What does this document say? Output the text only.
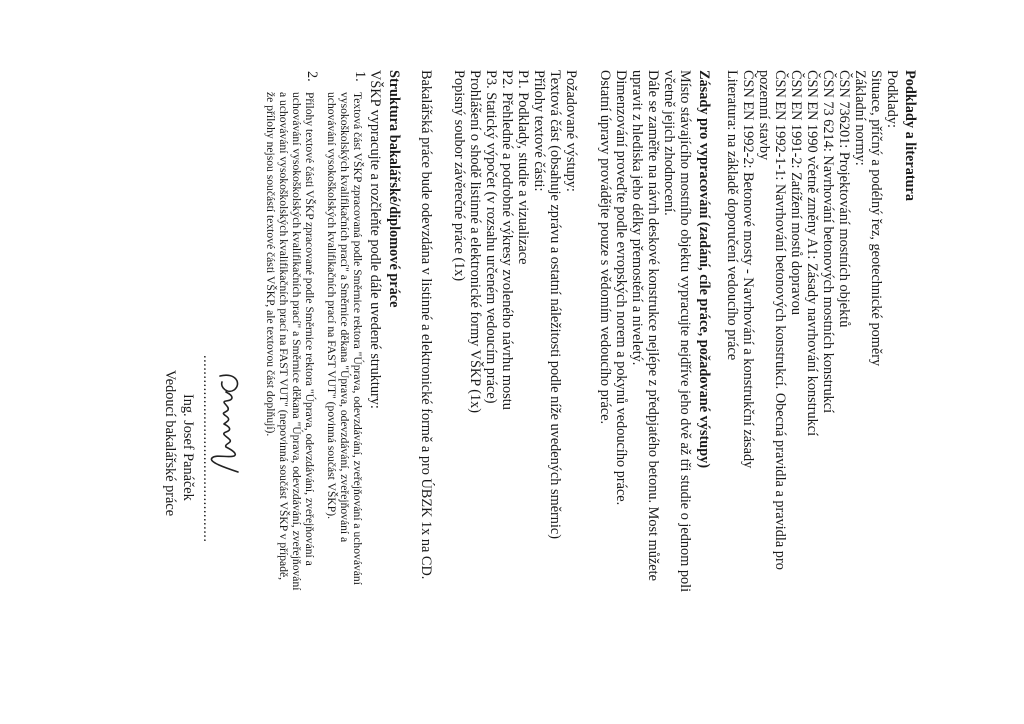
Podklady a literatura
Podklady:
Situace, příčný a podélný řez, geotechnické poměry
Základní normy:
ČSN 736201: Projektování mostních objektů
ČSN 73 6214: Navrhování betonových mostních konstrukcí
ČSN EN 1990 včetně změny A1: Zásady navrhování konstrukcí
ČSN EN 1991-2: Zatížení mostů dopravou
ČSN EN 1992-1-1: Navrhování betonových konstrukcí. Obecná pravidla a pravidla pro
pozemní stavby
ČSN EN 1992-2: Betonové mosty - Navrhování a konstrukční zásady
Literatura: na základě doporučení vedoucího práce
Zásady pro vypracování (zadání, cíle práce, požadované výstupy)
Místo stávajícího mostního objektu vypracujte nejdříve jeho dvě až tři studie o jednom poli
včetně jejich zhodnocení.
Dále se zaměřte na návrh deskové konstrukce nejlépe z předpjatého betonu. Most můžete
upravit z hlediska jeho délky přemostění a niveletý.
Dimenzování proveďte podle evropských norem a pokynů vedoucího práce.
Ostatní úpravy provádějte pouze s vědomím vedoucího práce.
Požadované výstupy:
Textová část (obsahuje zprávu a ostatní náležitosti podle níže uvedených směrnic)
Přílohy textové části:
P1. Podklady, studie a vizualizace
P2. Přehledné a podrobné výkresy zvoleného návrhu mostu
P3. Statický výpočet (v rozsahu určeném vedoucím práce)
Prohlášení o shodě listinné a elektronické formy VŠKP (1x)
Popisný soubor závěrečné práce (1x)
Bakalářská práce bude odevzdána v listinné a elektronické formě a pro ÚBZK 1x na CD.
Struktura bakalářské/diplomové práce
VŠKP vypracujte a rozčleňte podle dále uvedené struktury:
1.
Textová část VŠKP zpracovaná podle Směrnice rektora "Úprava, odevzdávání, zveřejňování a uchovávání
vysokoškolských kvalifikačních prací" a Směrnice děkana "Úprava, odevzdávání, zveřejňování a
uchovávání vysokoškolských kvalifikačních prací na FAST VUT" (povinná součást VŠKP).
2.
Přílohy textové části VŠKP zpracované podle Směrnice rektora "Úprava, odevzdávání, zveřejňování a
uchovávání vysokoškolských kvalifikačních prací" a Směrnice děkana "Úprava, odevzdávání, zveřejňování
a uchovávání vysokoškolských kvalifikačních prací na FAST VUT" (nepovinná součást VŠKP v případě,
že přílohy nejsou součástí textové části VŠKP, ale textovou část doplňují).
..............................................
Ing. Josef Panáček
Vedoucí bakalářské práce
